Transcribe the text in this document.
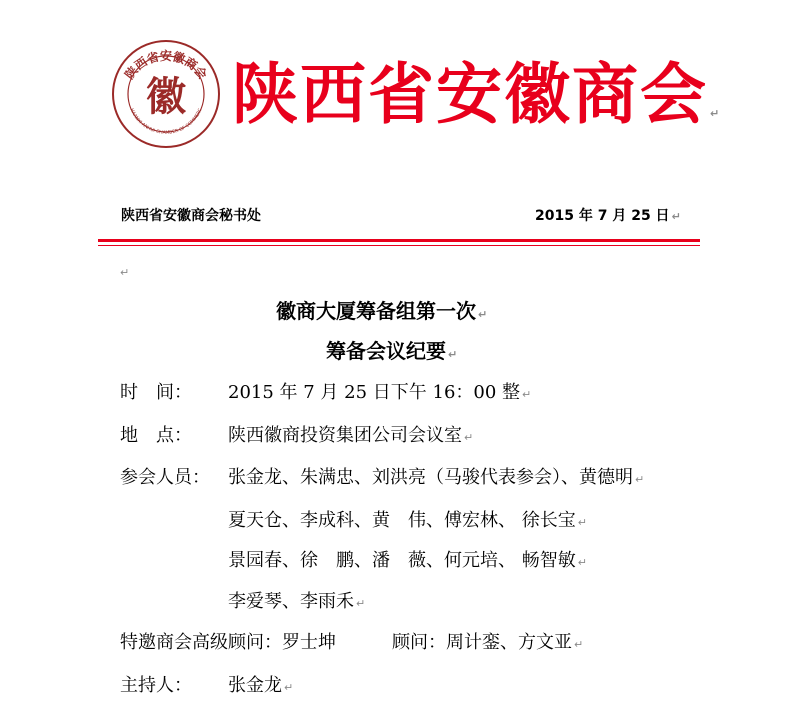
陕西省安徽商会
HAANXI ANHUI CHAMBER OF COMMERC
徽 陕西省安徽商会 ↵
陕西省安徽商会秘书处	2015 年 7 月 25 日 ↵
↵
徽商大厦筹备组第一次 ↵
筹备会议纪要 ↵
时　间： 2015 年 7 月 25 日下午 16：00 整 ↵
地　点： 陕西徽商投资集团公司会议室 ↵
参会人员： 张金龙、朱满忠、刘洪亮（马骏代表参会）、黄德明 ↵
夏天仓、李成科、黄　伟、傅宏林、 徐长宝 ↵
景园春、徐　鹏、潘　薇、何元培、 畅智敏 ↵
李爱琴、李雨禾 ↵
特邀商会高级顾问：罗士坤	顾问：周计銮、方文亚 ↵
主持人： 张金龙 ↵
